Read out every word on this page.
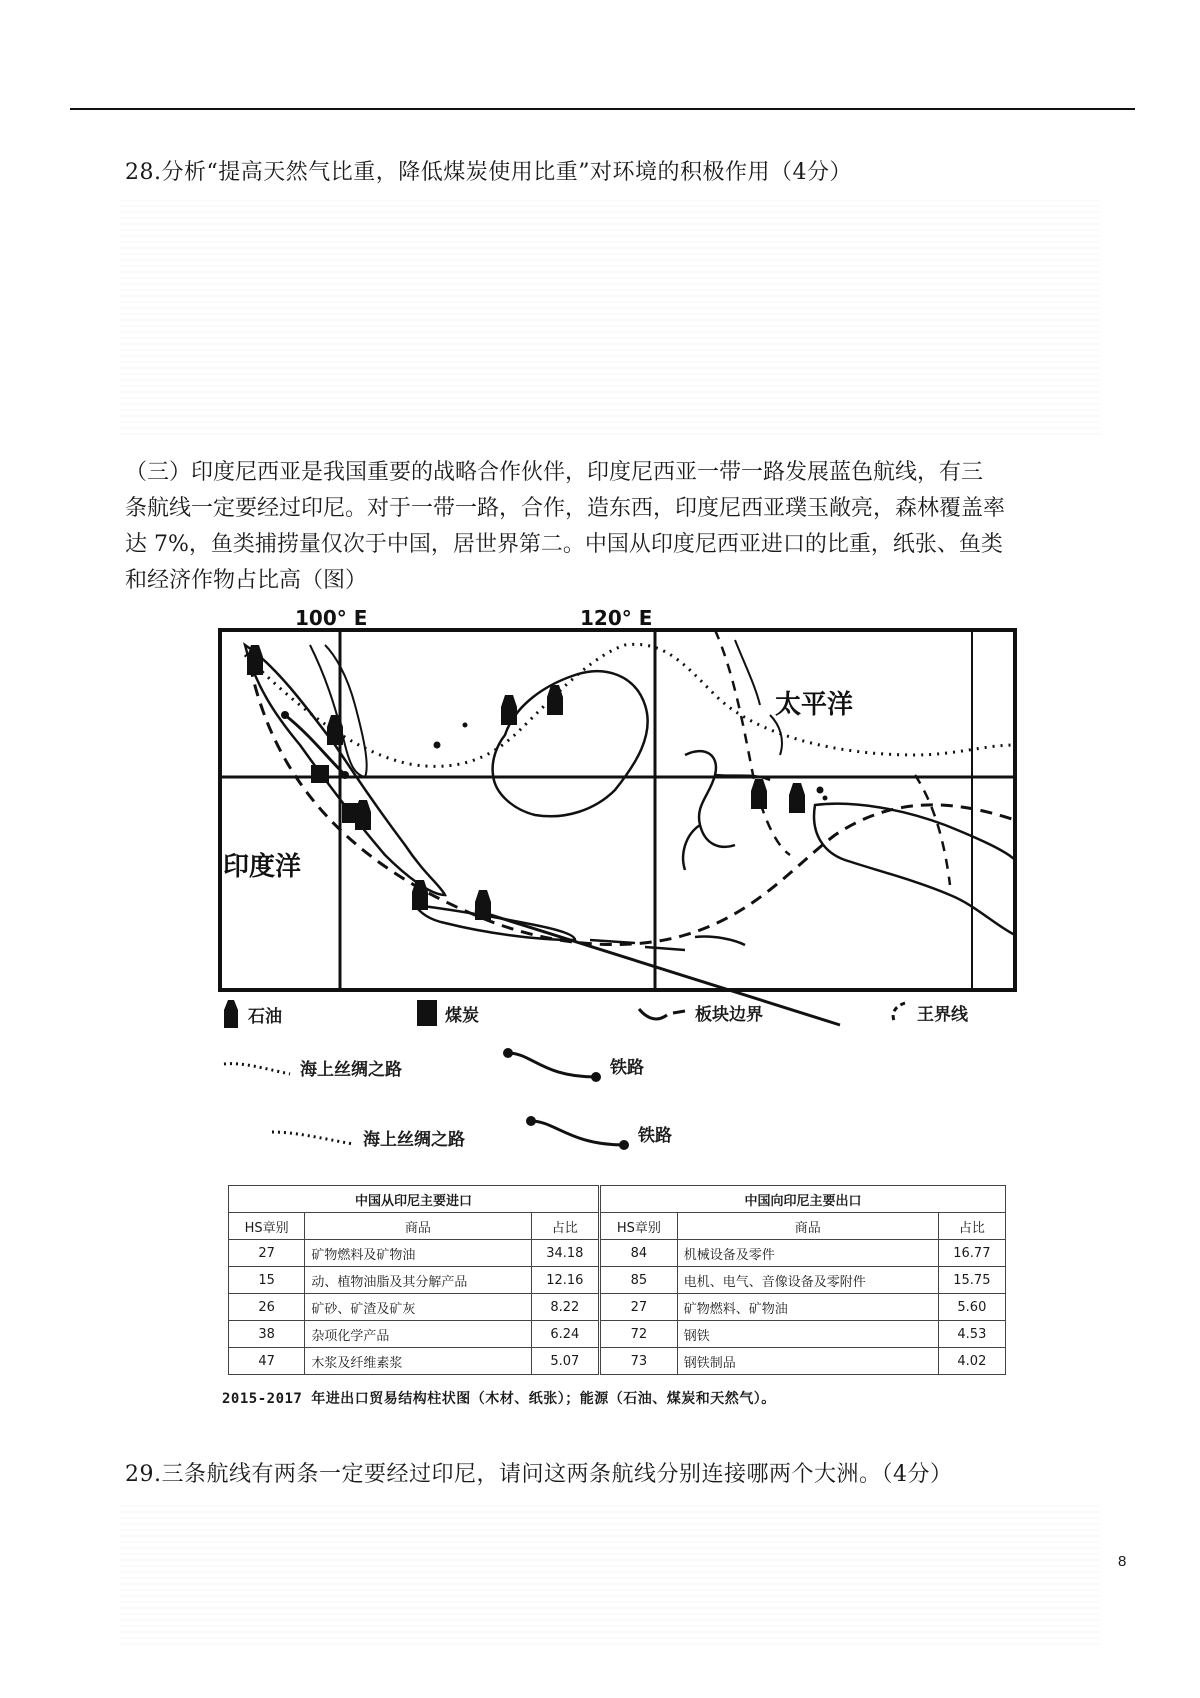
28.分析“提高天然气比重，降低煤炭使用比重”对环境的积极作用（4分）
（三）印度尼西亚是我国重要的战略合作伙伴，印度尼西亚一带一路发展蓝色航线，有三
条航线一定要经过印尼。对于一带一路，合作，造东西，印度尼西亚璞玉敞亮，森林覆盖率
达 7%，鱼类捕捞量仅次于中国，居世界第二。中国从印度尼西亚进口的比重，纸张、鱼类
和经济作物占比高（图）
100° E	120° E
太平洋
印度洋
石油	煤炭	板块边界	王界线
海上丝绸之路	铁路
海上丝绸之路	铁路
中国从印尼主要进口			中国向印尼主要出口		
HS章别	商品	占比	HS章别	商品	占比
27	矿物燃料及矿物油	34.18	84	机械设备及零件	16.77
15	动、植物油脂及其分解产品	12.16	85	电机、电气、音像设备及零附件	15.75
26	矿砂、矿渣及矿灰	8.22	27	矿物燃料、矿物油	5.60
38	杂项化学产品	6.24	72	钢铁	4.53
47	木浆及纤维素浆	5.07	73	钢铁制品	4.02
2015-2017 年进出口贸易结构柱状图（木材、纸张）；能源（石油、煤炭和天然气）。
29.三条航线有两条一定要经过印尼，请问这两条航线分别连接哪两个大洲。（4分）
8
